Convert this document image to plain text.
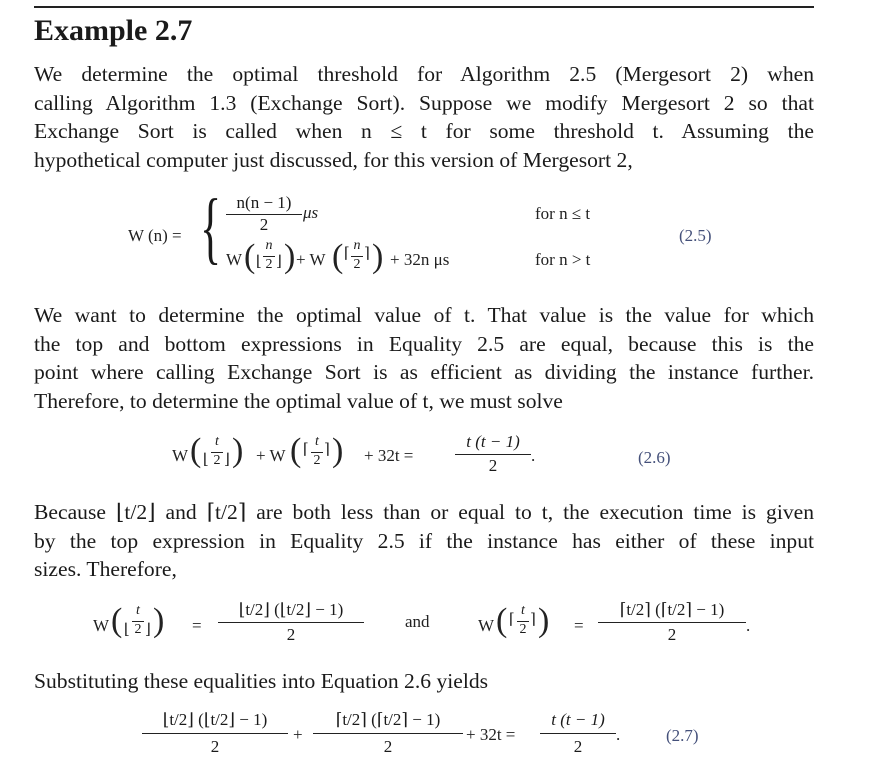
Example 2.7
We determine the optimal threshold for Algorithm 2.5 (Mergesort 2) when
calling Algorithm 1.3 (Exchange Sort). Suppose we modify Mergesort 2 so that
Exchange Sort is called when n ≤ t for some threshold t. Assuming the
hypothetical computer just discussed, for this version of Mergesort 2,
W (n) = { n(n − 1)
2
μs	for n ≤ t
W ( ⌊
n
2 ⌋ ) + W ( ⌈
n
2
⌉ ) + 32n μs	for n > t
(2.5)
We want to determine the optimal value of t. That value is the value for which
the top and bottom expressions in Equality 2.5 are equal, because this is the
point where calling Exchange Sort is as efficient as dividing the instance further.
Therefore, to determine the optimal value of t, we must solve
W ( ⌊
t
2 ⌋ ) + W ( ⌈
t
2
⌉ ) + 32t =
t (t − 1)
2
.	(2.6)
Because ⌊t/2⌋ and ⌈t/2⌉ are both less than or equal to t, the execution time is given
by the top expression in Equality 2.5 if the instance has either of these input
sizes. Therefore,
W ( ⌊
t
2 ⌋ ) =
⌊t/2⌋ (⌊t/2⌋ − 1)
2
and	W ( ⌈
t
2
⌉ ) =
⌈t/2⌉ (⌈t/2⌉ − 1)
2	.
Substituting these equalities into Equation 2.6 yields
⌊t/2⌋ (⌊t/2⌋ − 1)
2
+
⌈t/2⌉ (⌈t/2⌉ − 1)
2
+ 32t =
t (t − 1)
2
.	(2.7)
